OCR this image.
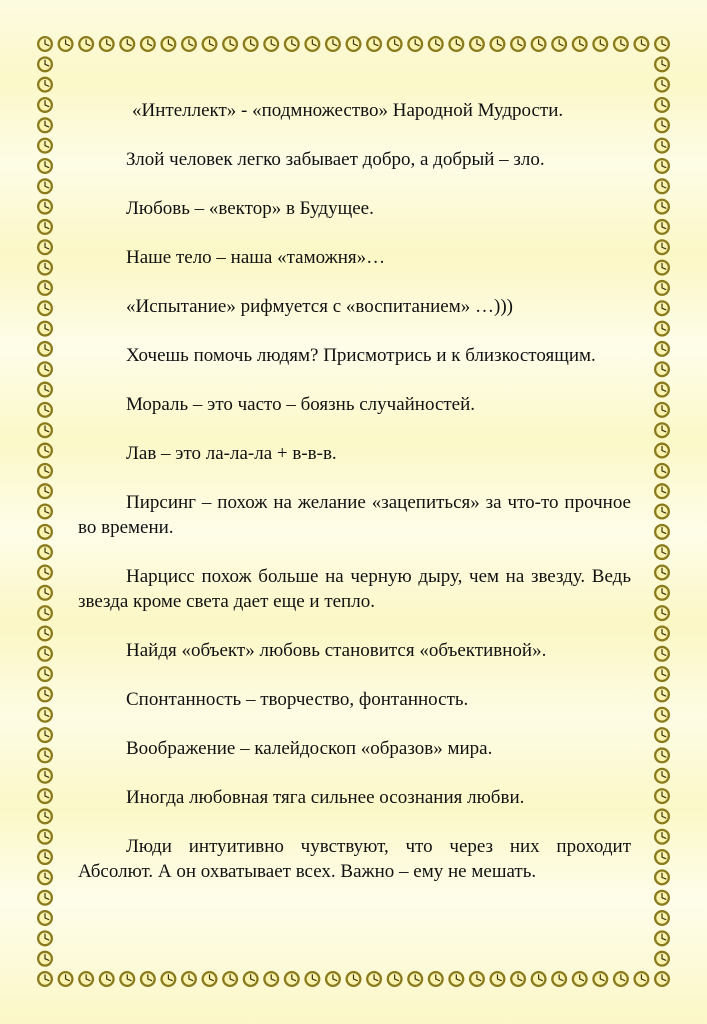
«Интеллект» - «подмножество» Народной Мудрости.

Злой человек легко забывает добро, а добрый – зло.

Любовь – «вектор» в Будущее.

Наше тело – наша «таможня»…

«Испытание» рифмуется с «воспитанием» …)))

Хочешь помочь людям? Присмотрись и к близкостоящим.

Мораль – это часто – боязнь случайностей.

Лав – это ла-ла-ла + в-в-в.

Пирсинг – похож на желание «зацепиться» за что-то прочное во времени.

Нарцисс похож больше на черную дыру, чем на звезду. Ведь звезда кроме света дает еще и тепло.

Найдя «объект» любовь становится «объективной».

Спонтанность – творчество, фонтанность.

Воображение – калейдоскоп «образов» мира.

Иногда любовная тяга сильнее осознания любви.

Люди интуитивно чувствуют, что через них проходит Абсолют. А он охватывает всех. Важно – ему не мешать.
